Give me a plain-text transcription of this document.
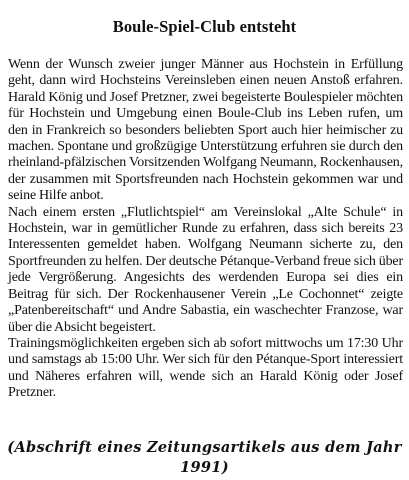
Boule-Spiel-Club entsteht

Wenn der Wunsch zweier junger Männer aus Hochstein in Erfüllung geht, dann wird Hochsteins Vereinsleben einen neuen Anstoß erfahren. Harald König und Josef Pretzner, zwei begeisterte Boulespieler möchten für Hochstein und Umgebung einen Boule-Club ins Leben rufen, um den in Frankreich so besonders beliebten Sport auch hier heimischer zu machen. Spontane und großzügige Unterstützung erfuhren sie durch den rheinland-pfälzischen Vorsitzenden Wolfgang Neumann, Rockenhausen, der zusammen mit Sportsfreunden nach Hochstein gekommen war und seine Hilfe anbot.

Nach einem ersten „Flutlichtspiel“ am Vereinslokal „Alte Schule“ in Hochstein, war in gemütlicher Runde zu erfahren, dass sich bereits 23 Interessenten gemeldet haben. Wolfgang Neumann sicherte zu, den Sportfreunden zu helfen. Der deutsche Pétanque-Verband freue sich über jede Vergrößerung. Angesichts des werdenden Europa sei dies ein Beitrag für sich. Der Rockenhausener Verein „Le Cochonnet“ zeigte „Patenbereitschaft“ und Andre Sabastia, ein waschechter Franzose, war über die Absicht begeistert.

Trainingsmöglichkeiten ergeben sich ab sofort mittwochs um 17:30 Uhr und samstags ab 15:00 Uhr. Wer sich für den Pétanque-Sport interessiert und Näheres erfahren will, wende sich an Harald König oder Josef Pretzner.

(Abschrift eines Zeitungsartikels aus dem Jahr 1991)
